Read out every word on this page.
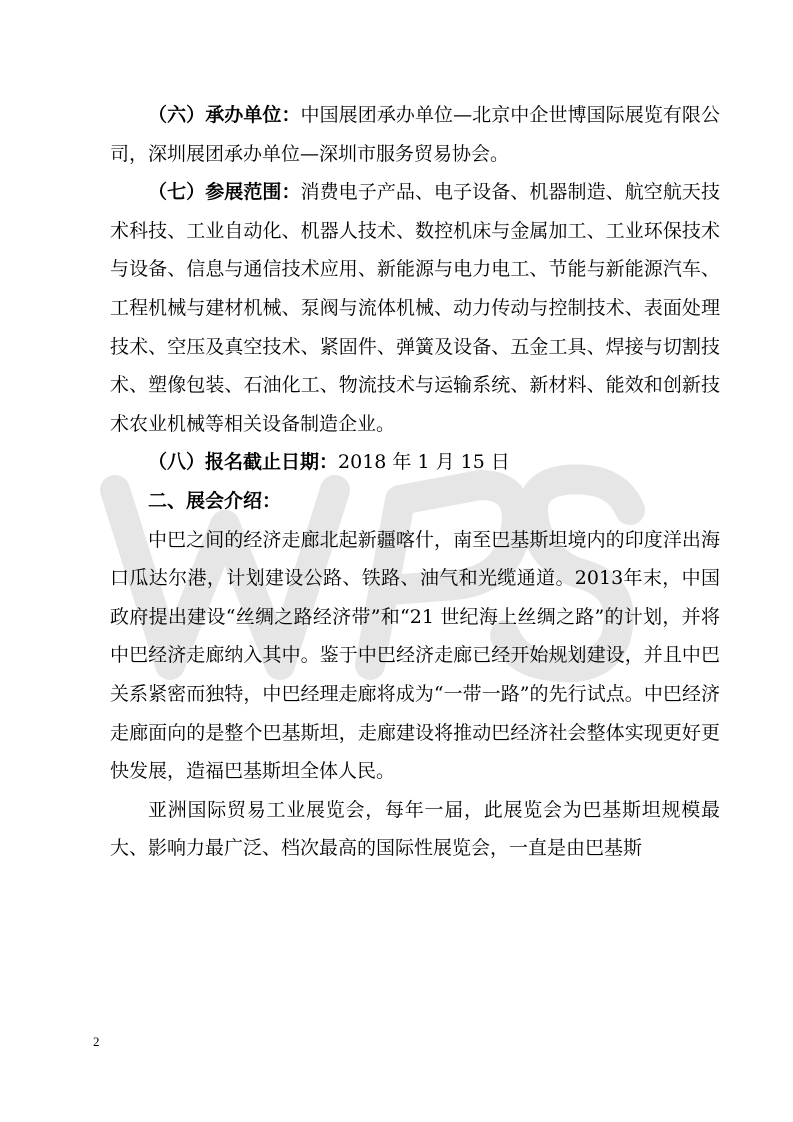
（六）承办单位：中国展团承办单位—北京中企世博国际展览有限公司，深圳展团承办单位—深圳市服务贸易协会。

（七）参展范围：消费电子产品、电子设备、机器制造、航空航天技术科技、工业自动化、机器人技术、数控机床与金属加工、工业环保技术与设备、信息与通信技术应用、新能源与电力电工、节能与新能源汽车、工程机械与建材机械、泵阀与流体机械、动力传动与控制技术、表面处理技术、空压及真空技术、紧固件、弹簧及设备、五金工具、焊接与切割技术、塑像包装、石油化工、物流技术与运输系统、新材料、能效和创新技术农业机械等相关设备制造企业。

（八）报名截止日期：2018 年 1 月 15 日

二、展会介绍：

中巴之间的经济走廊北起新疆喀什，南至巴基斯坦境内的印度洋出海口瓜达尔港，计划建设公路、铁路、油气和光缆通道。2013年末，中国政府提出建设“丝绸之路经济带”和“21 世纪海上丝绸之路”的计划，并将中巴经济走廊纳入其中。鉴于中巴经济走廊已经开始规划建设，并且中巴关系紧密而独特，中巴经理走廊将成为“一带一路”的先行试点。中巴经济走廊面向的是整个巴基斯坦，走廊建设将推动巴经济社会整体实现更好更快发展，造福巴基斯坦全体人民。

亚洲国际贸易工业展览会，每年一届，此展览会为巴基斯坦规模最大、影响力最广泛、档次最高的国际性展览会，一直是由巴基斯

2
